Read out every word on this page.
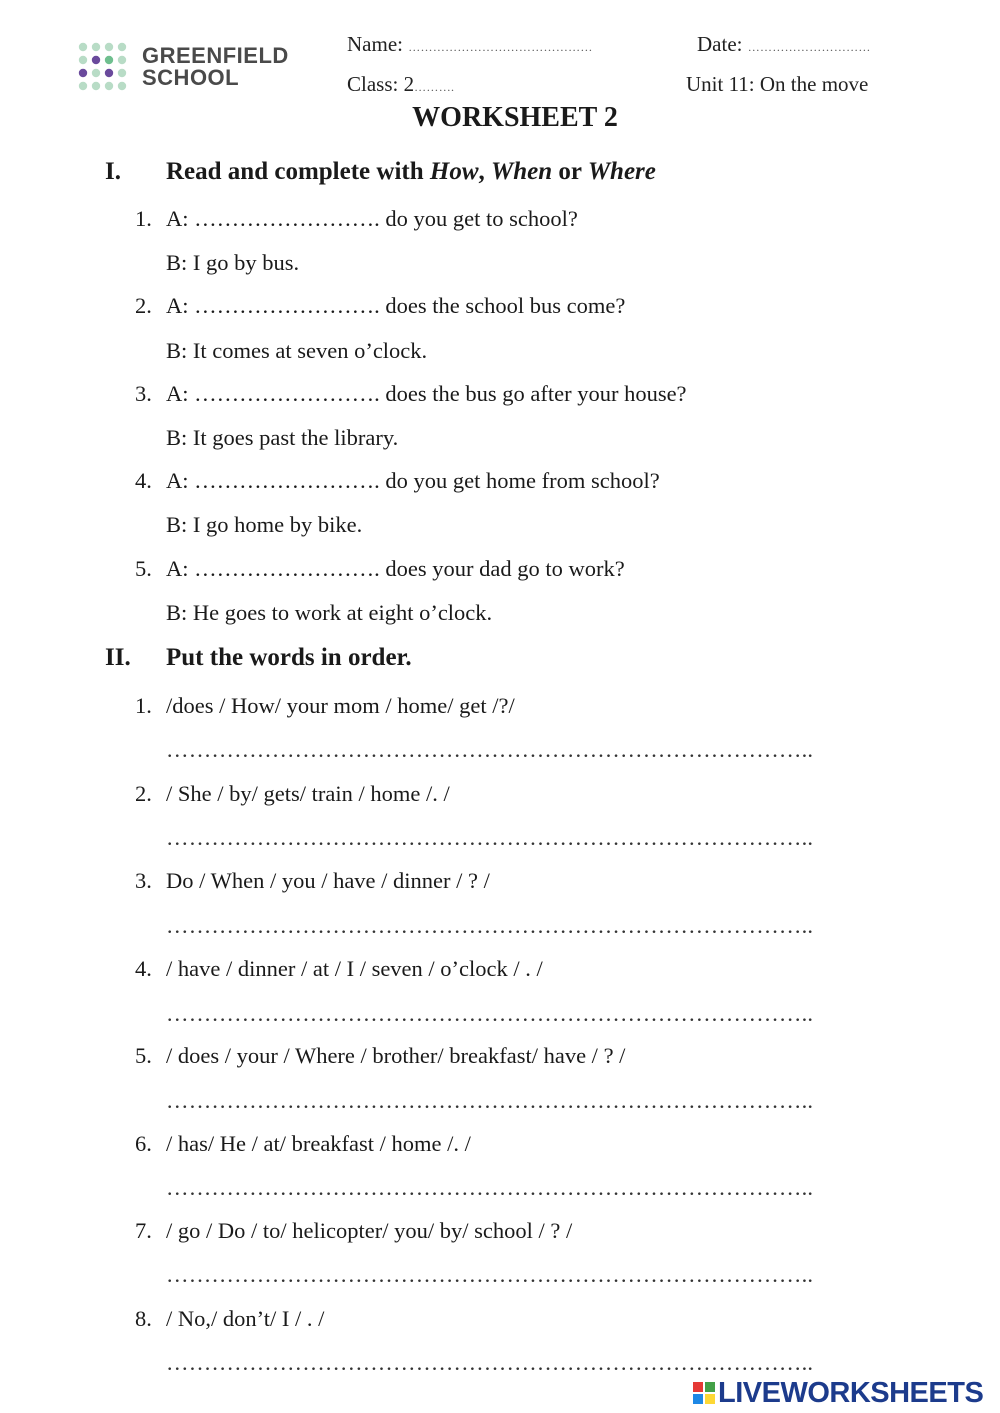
GREENFIELD
SCHOOL
Name: ………………………………………	Date: …………………………
Class: 2……….	Unit 11: On the move
WORKSHEET 2
I. Read and complete with How, When or Where
1. A: ……………………. do you get to school?
B: I go by bus.
2. A: ……………………. does the school bus come?
B: It comes at seven o’clock.
3. A: ……………………. does the bus go after your house?
B: It goes past the library.
4. A: ……………………. do you get home from school?
B: I go home by bike.
5. A: ……………………. does your dad go to work?
B: He goes to work at eight o’clock.
II. Put the words in order.
1. /does / How/ your mom / home/ get /?/
…………………………………………………………………………..
2. / She / by/ gets/ train / home /. /
…………………………………………………………………………..
3. Do / When / you / have / dinner / ? /
…………………………………………………………………………..
4. / have / dinner / at / I / seven / o’clock / . /
…………………………………………………………………………..
5. / does / your / Where / brother/ breakfast/ have / ? /
…………………………………………………………………………..
6. / has/ He / at/ breakfast / home /. /
…………………………………………………………………………..
7. / go / Do / to/ helicopter/ you/ by/ school / ? /
…………………………………………………………………………..
8. / No,/ don’t/ I / . /
…………………………………………………………………………..
LIVEWORKSHEETS
